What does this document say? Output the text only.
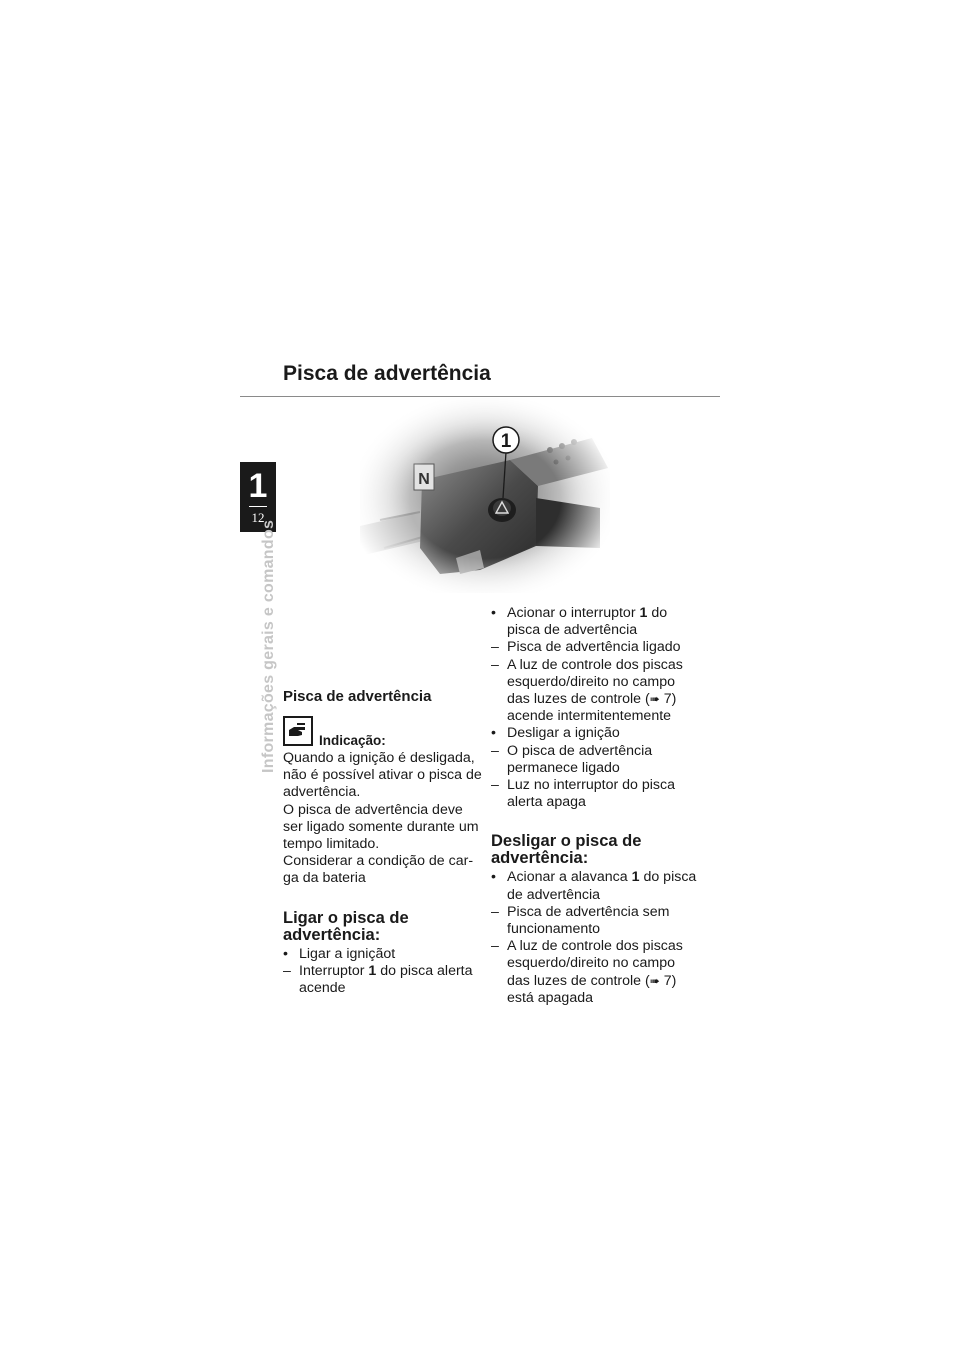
1
12
Informações gerais e comandos
Pisca de advertência
1
Pisca de advertência
Indicação:

Quando a ignição é desligada,

não é possível ativar o pisca de

advertência.

O pisca de advertência deve

ser ligado somente durante um

tempo limitado.

Considerar a condição de car-

ga da bateria

Ligar o pisca de
advertência:

• Ligar a igniçãot

– Interruptor 1 do pisca alerta acende

• Acionar o interruptor 1 do pisca de advertência

– Pisca de advertência ligado

– A luz de controle dos piscas esquerdo/direito no campo das luzes de controle (➠ 7) acende intermitentemente

• Desligar a ignição

– O pisca de advertência permanece ligado

– Luz no interruptor do pisca alerta apaga

Desligar o pisca de
advertência:

• Acionar a alavanca 1 do pisca de advertência

– Pisca de advertência sem funcionamento

– A luz de controle dos piscas esquerdo/direito no campo das luzes de controle (➠ 7) está apagada
